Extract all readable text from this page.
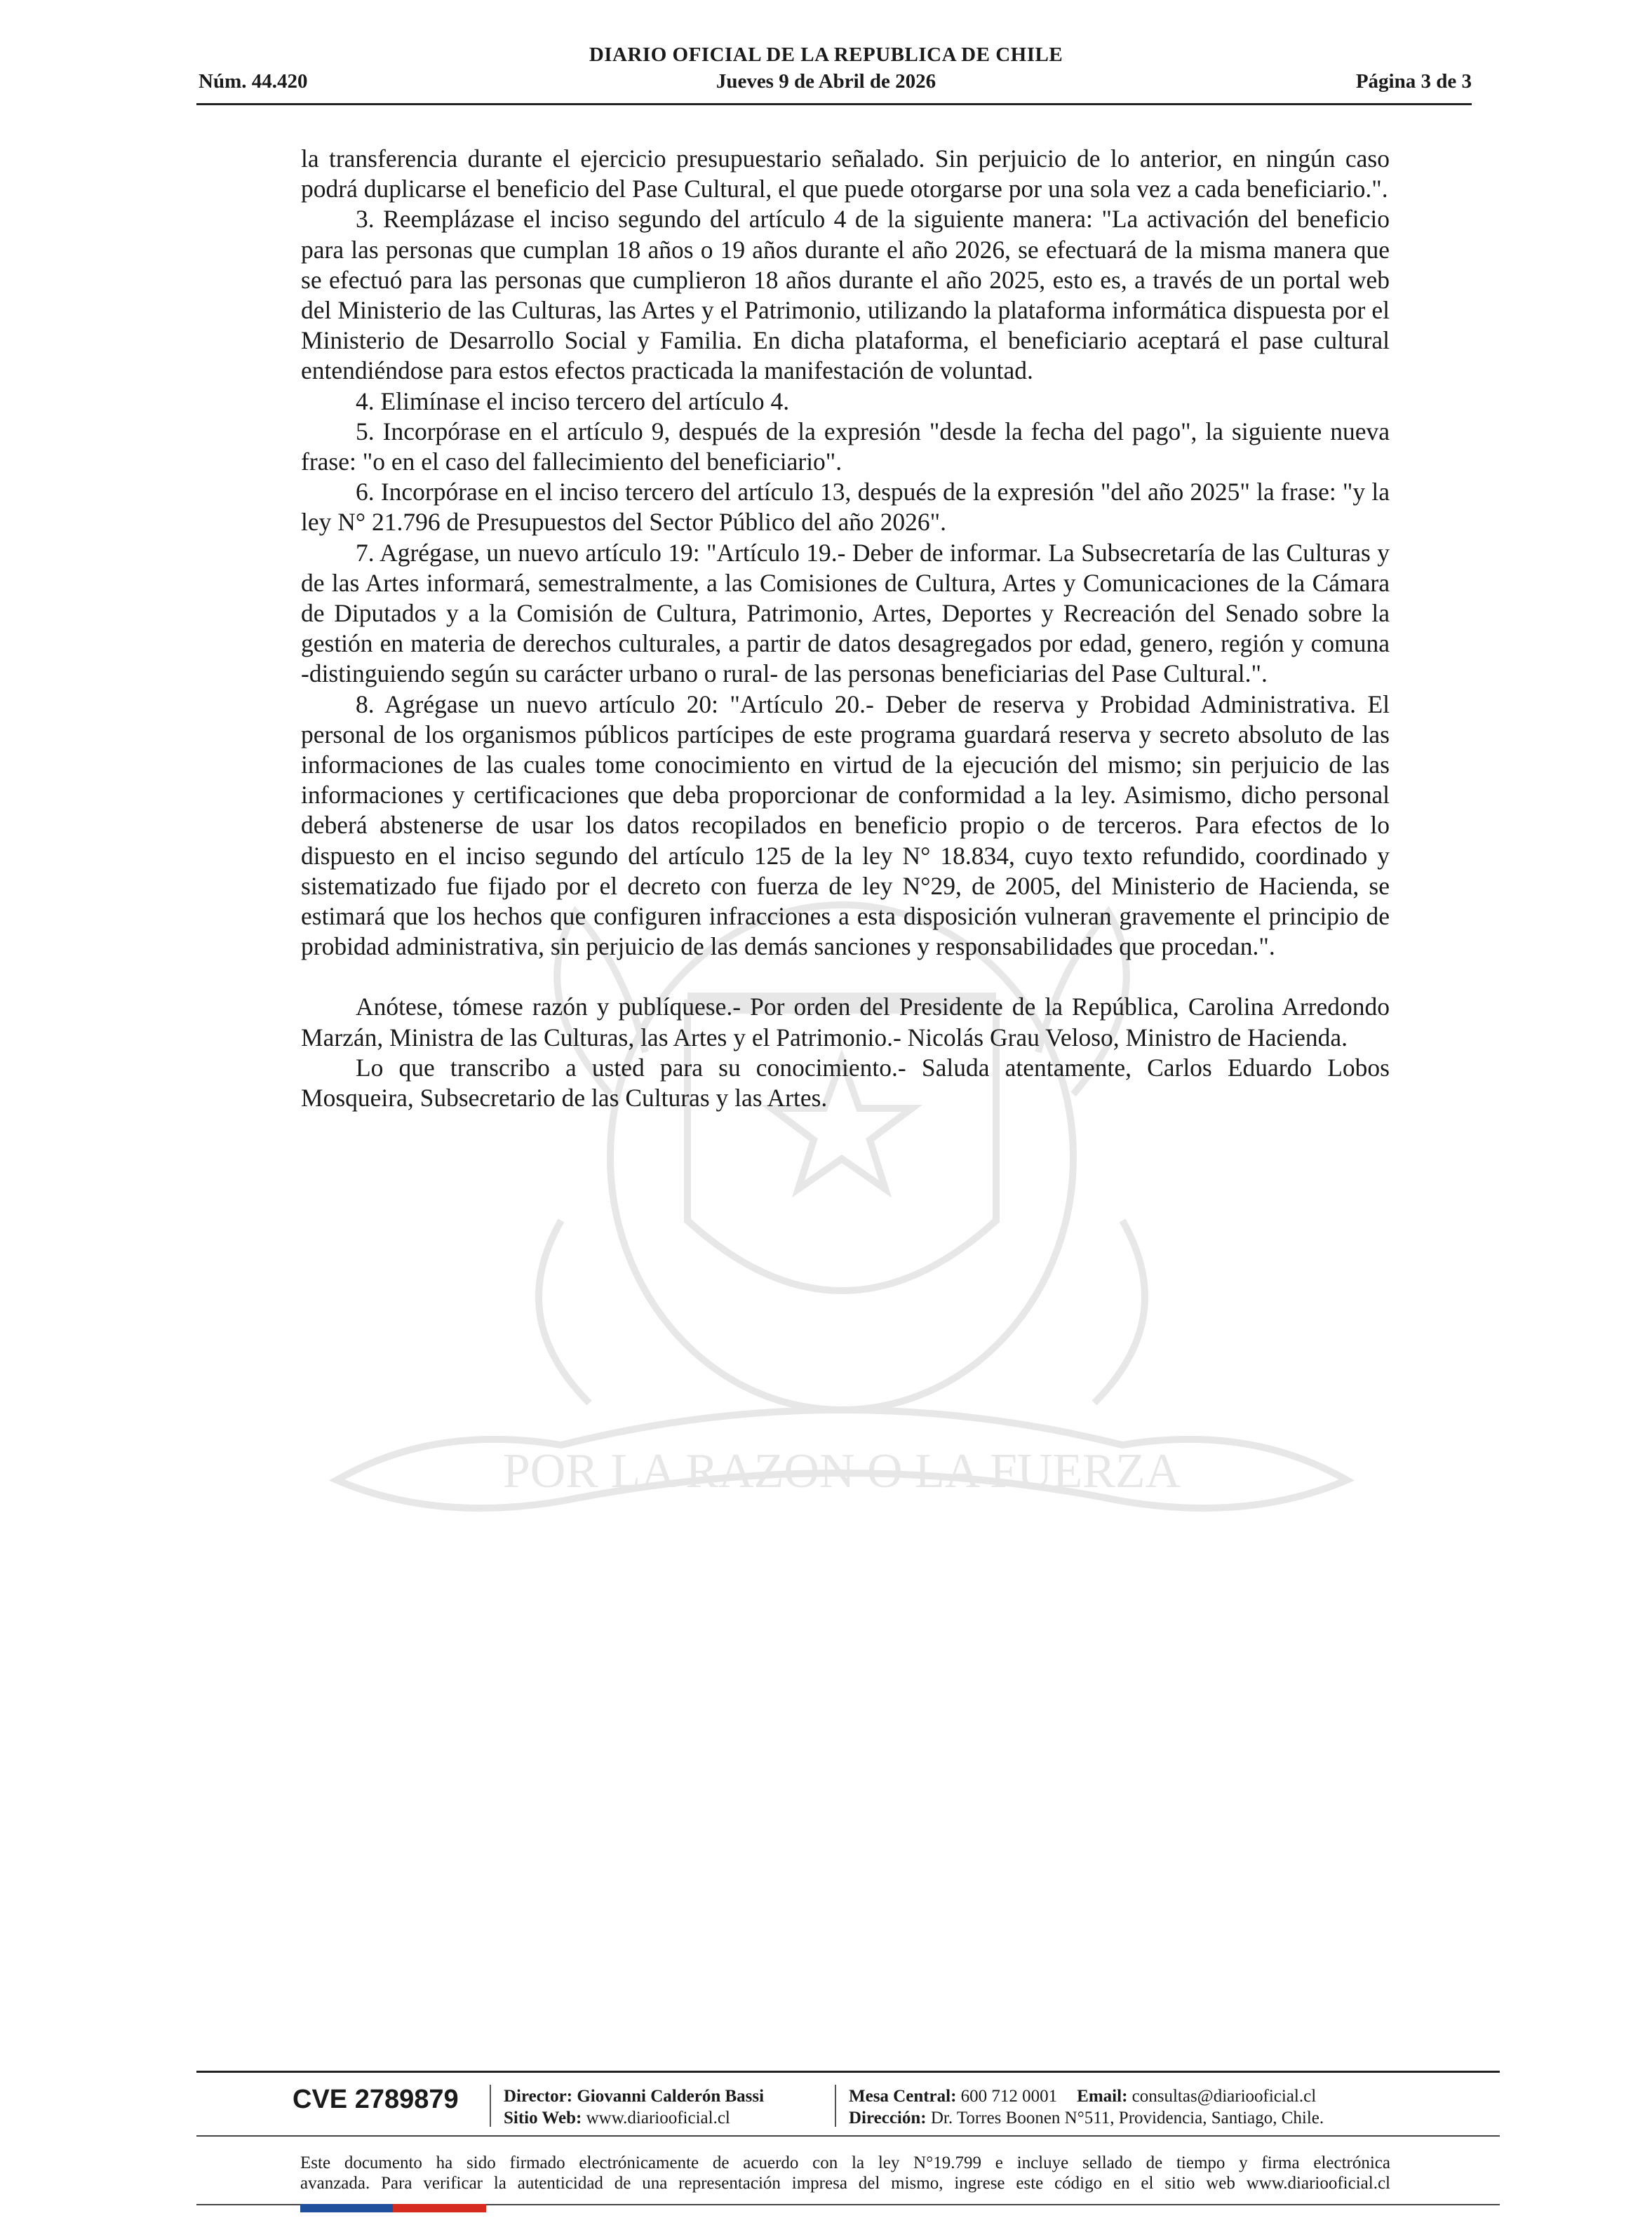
POR LA RAZON O LA FUERZA
DIARIO OFICIAL DE LA REPUBLICA DE CHILE
Núm. 44.420	Jueves 9 de Abril de 2026	Página 3 de 3

la transferencia durante el ejercicio presupuestario señalado. Sin perjuicio de lo anterior, en ningún caso podrá duplicarse el beneficio del Pase Cultural, el que puede otorgarse por una sola vez a cada beneficiario.".

3. Reemplázase el inciso segundo del artículo 4 de la siguiente manera: "La activación del beneficio para las personas que cumplan 18 años o 19 años durante el año 2026, se efectuará de la misma manera que se efectuó para las personas que cumplieron 18 años durante el año 2025, esto es, a través de un portal web del Ministerio de las Culturas, las Artes y el Patrimonio, utilizando la plataforma informática dispuesta por el Ministerio de Desarrollo Social y Familia. En dicha plataforma, el beneficiario aceptará el pase cultural entendiéndose para estos efectos practicada la manifestación de voluntad.

4. Elimínase el inciso tercero del artículo 4.

5. Incorpórase en el artículo 9, después de la expresión "desde la fecha del pago", la siguiente nueva frase: "o en el caso del fallecimiento del beneficiario".

6. Incorpórase en el inciso tercero del artículo 13, después de la expresión "del año 2025" la frase: "y la ley N° 21.796 de Presupuestos del Sector Público del año 2026".

7. Agrégase, un nuevo artículo 19: "Artículo 19.- Deber de informar. La Subsecretaría de las Culturas y de las Artes informará, semestralmente, a las Comisiones de Cultura, Artes y Comunicaciones de la Cámara de Diputados y a la Comisión de Cultura, Patrimonio, Artes, Deportes y Recreación del Senado sobre la gestión en materia de derechos culturales, a partir de datos desagregados por edad, genero, región y comuna -distinguiendo según su carácter urbano o rural- de las personas beneficiarias del Pase Cultural.".

8. Agrégase un nuevo artículo 20: "Artículo 20.- Deber de reserva y Probidad Administrativa. El personal de los organismos públicos partícipes de este programa guardará reserva y secreto absoluto de las informaciones de las cuales tome conocimiento en virtud de la ejecución del mismo; sin perjuicio de las informaciones y certificaciones que deba proporcionar de conformidad a la ley. Asimismo, dicho personal deberá abstenerse de usar los datos recopilados en beneficio propio o de terceros. Para efectos de lo dispuesto en el inciso segundo del artículo 125 de la ley N° 18.834, cuyo texto refundido, coordinado y sistematizado fue fijado por el decreto con fuerza de ley N°29, de 2005, del Ministerio de Hacienda, se estimará que los hechos que configuren infracciones a esta disposición vulneran gravemente el principio de probidad administrativa, sin perjuicio de las demás sanciones y responsabilidades que procedan.".

Anótese, tómese razón y publíquese.- Por orden del Presidente de la República, Carolina Arredondo Marzán, Ministra de las Culturas, las Artes y el Patrimonio.- Nicolás Grau Veloso, Ministro de Hacienda.

Lo que transcribo a usted para su conocimiento.- Saluda atentamente, Carlos Eduardo Lobos Mosqueira, Subsecretario de las Culturas y las Artes.

CVE 2789879	Director: Giovanni Calderón Bassi
Sitio Web: www.diariooficial.cl
Mesa Central: 600 712 0001 Email: consultas@diariooficial.cl
Dirección: Dr. Torres Boonen N°511, Providencia, Santiago, Chile.

Este documento ha sido firmado electrónicamente de acuerdo con la ley N°19.799 e incluye sellado de tiempo y firma electrónica

avanzada. Para verificar la autenticidad de una representación impresa del mismo, ingrese este código en el sitio web www.diariooficial.cl
